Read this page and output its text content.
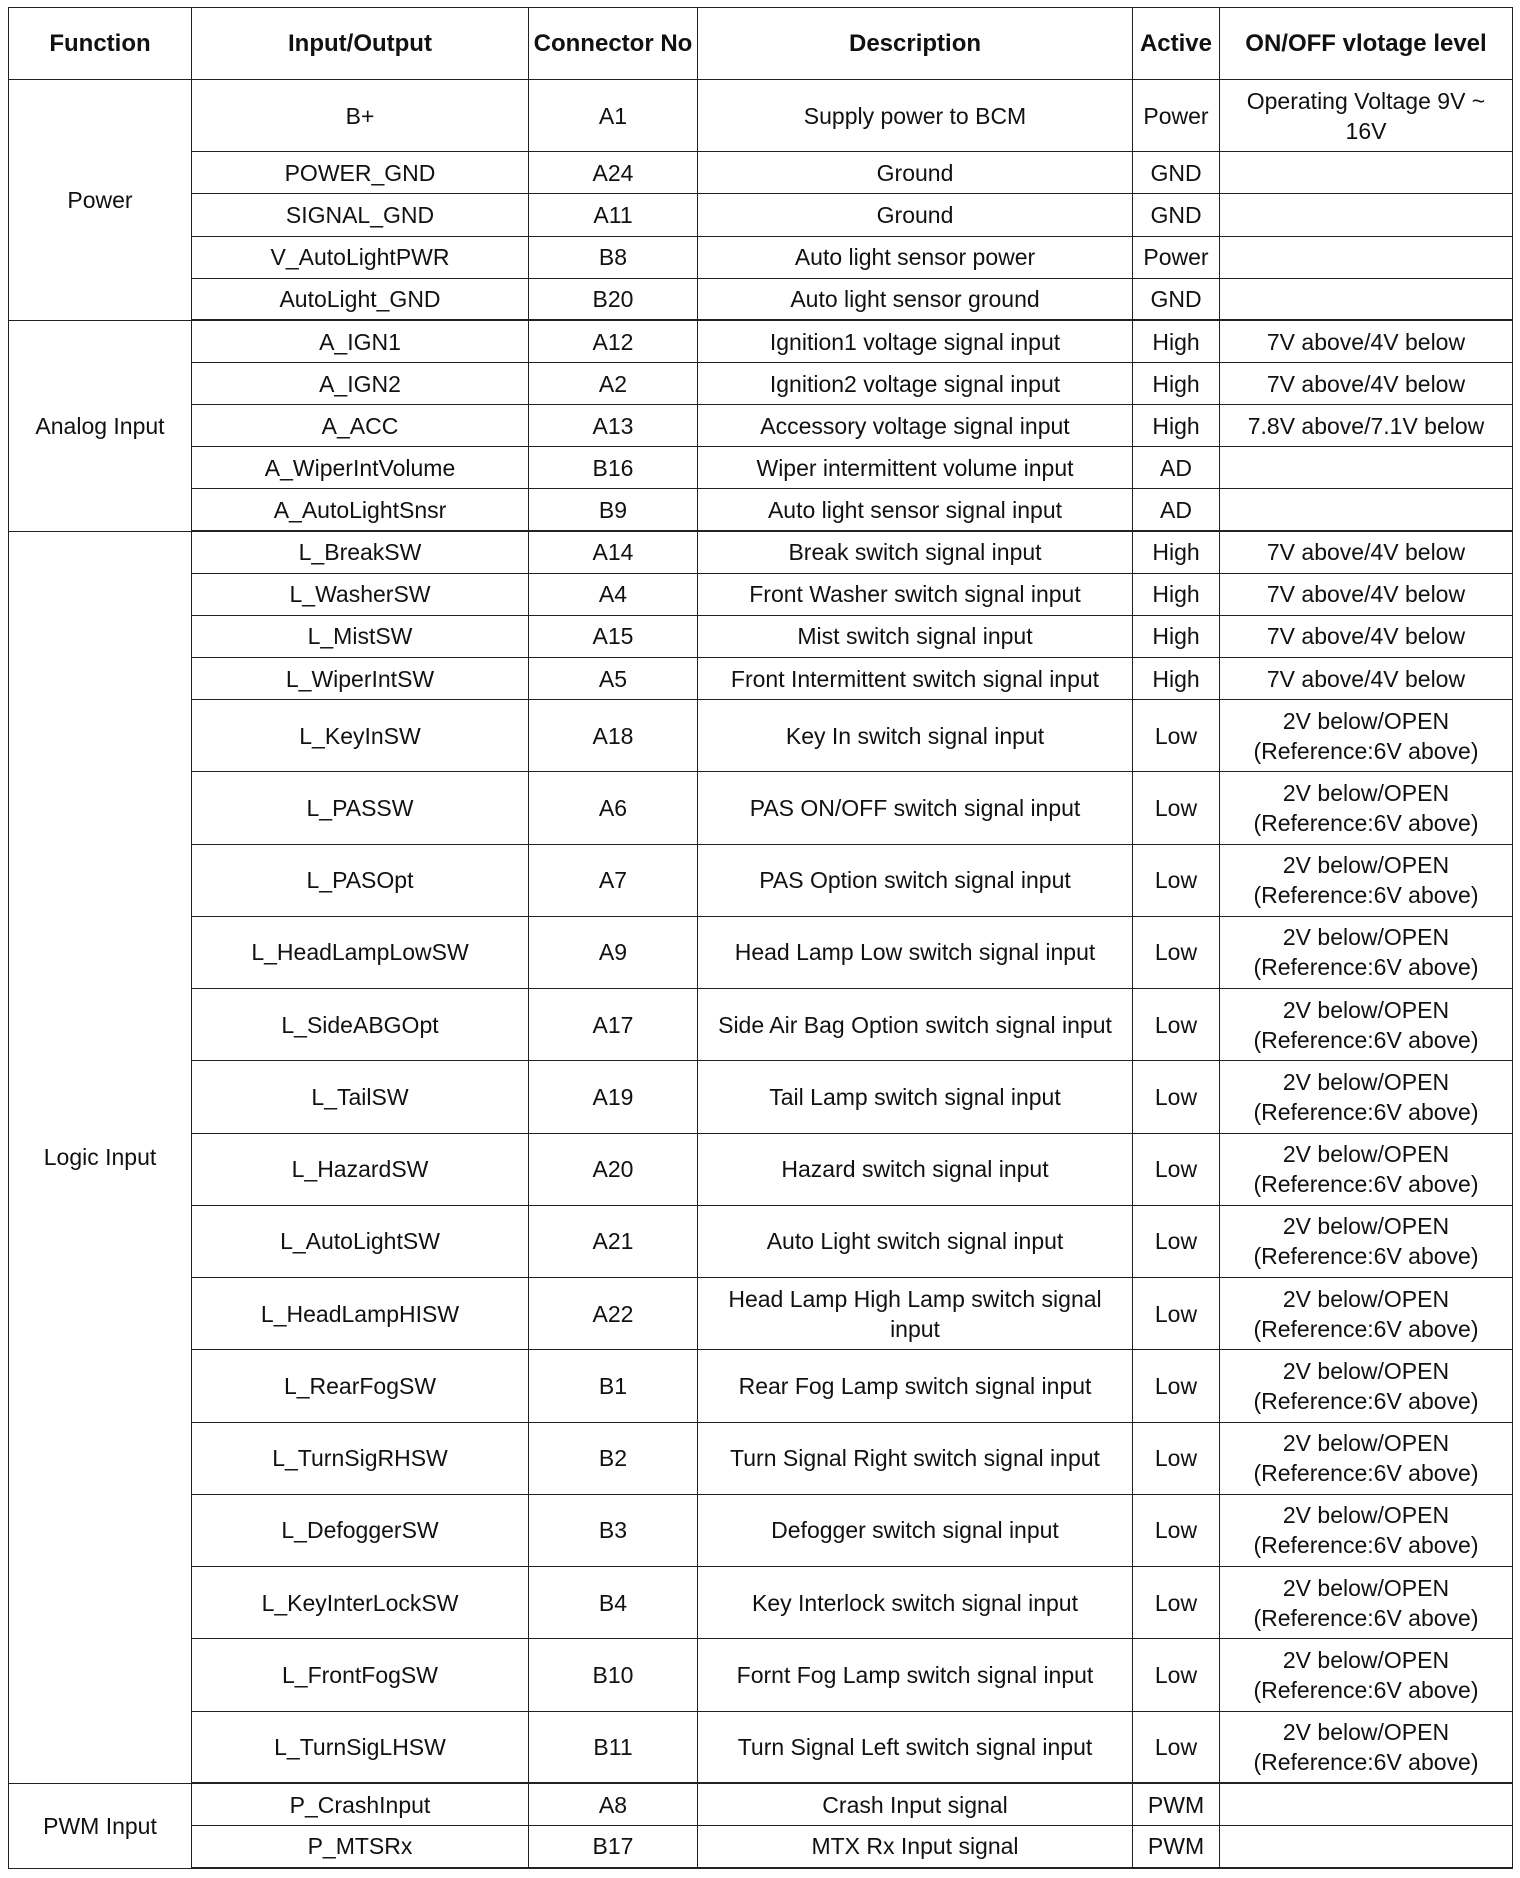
Function	Input/Output	Connector No	Description	Active	ON/OFF vlotage level
Power	B+	A1	Supply power to BCM	Power	Operating Voltage 9V ~ 16V
	POWER_GND	A24	Ground	GND	
	SIGNAL_GND	A11	Ground	GND	
	V_AutoLightPWR	B8	Auto light sensor power	Power	
	AutoLight_GND	B20	Auto light sensor ground	GND	
Analog Input	A_IGN1	A12	Ignition1 voltage signal input	High	7V above/4V below
	A_IGN2	A2	Ignition2 voltage signal input	High	7V above/4V below
	A_ACC	A13	Accessory voltage signal input	High	7.8V above/7.1V below
	A_WiperIntVolume	B16	Wiper intermittent volume input	AD	
	A_AutoLightSnsr	B9	Auto light sensor signal input	AD	
Logic Input	L_BreakSW	A14	Break switch signal input	High	7V above/4V below
	L_WasherSW	A4	Front Washer switch signal input	High	7V above/4V below
	L_MistSW	A15	Mist switch signal input	High	7V above/4V below
	L_WiperIntSW	A5	Front Intermittent switch signal input	High	7V above/4V below
	L_KeyInSW	A18	Key In switch signal input	Low	2V below/OPEN (Reference:6V above)
	L_PASSW	A6	PAS ON/OFF switch signal input	Low	2V below/OPEN (Reference:6V above)
	L_PASOpt	A7	PAS Option switch signal input	Low	2V below/OPEN (Reference:6V above)
	L_HeadLampLowSW	A9	Head Lamp Low switch signal input	Low	2V below/OPEN (Reference:6V above)
	L_SideABGOpt	A17	Side Air Bag Option switch signal input	Low	2V below/OPEN (Reference:6V above)
	L_TailSW	A19	Tail Lamp switch signal input	Low	2V below/OPEN (Reference:6V above)
	L_HazardSW	A20	Hazard switch signal input	Low	2V below/OPEN (Reference:6V above)
	L_AutoLightSW	A21	Auto Light switch signal input	Low	2V below/OPEN (Reference:6V above)
	L_HeadLampHISW	A22	Head Lamp High Lamp switch signal input	Low	2V below/OPEN (Reference:6V above)
	L_RearFogSW	B1	Rear Fog Lamp switch signal input	Low	2V below/OPEN (Reference:6V above)
	L_TurnSigRHSW	B2	Turn Signal Right switch signal input	Low	2V below/OPEN (Reference:6V above)
	L_DefoggerSW	B3	Defogger switch signal input	Low	2V below/OPEN (Reference:6V above)
	L_KeyInterLockSW	B4	Key Interlock switch signal input	Low	2V below/OPEN (Reference:6V above)
	L_FrontFogSW	B10	Fornt Fog Lamp switch signal input	Low	2V below/OPEN (Reference:6V above)
	L_TurnSigLHSW	B11	Turn Signal Left switch signal input	Low	2V below/OPEN (Reference:6V above)
PWM Input	P_CrashInput	A8	Crash Input signal	PWM	
	P_MTSRx	B17	MTX Rx Input signal	PWM	
